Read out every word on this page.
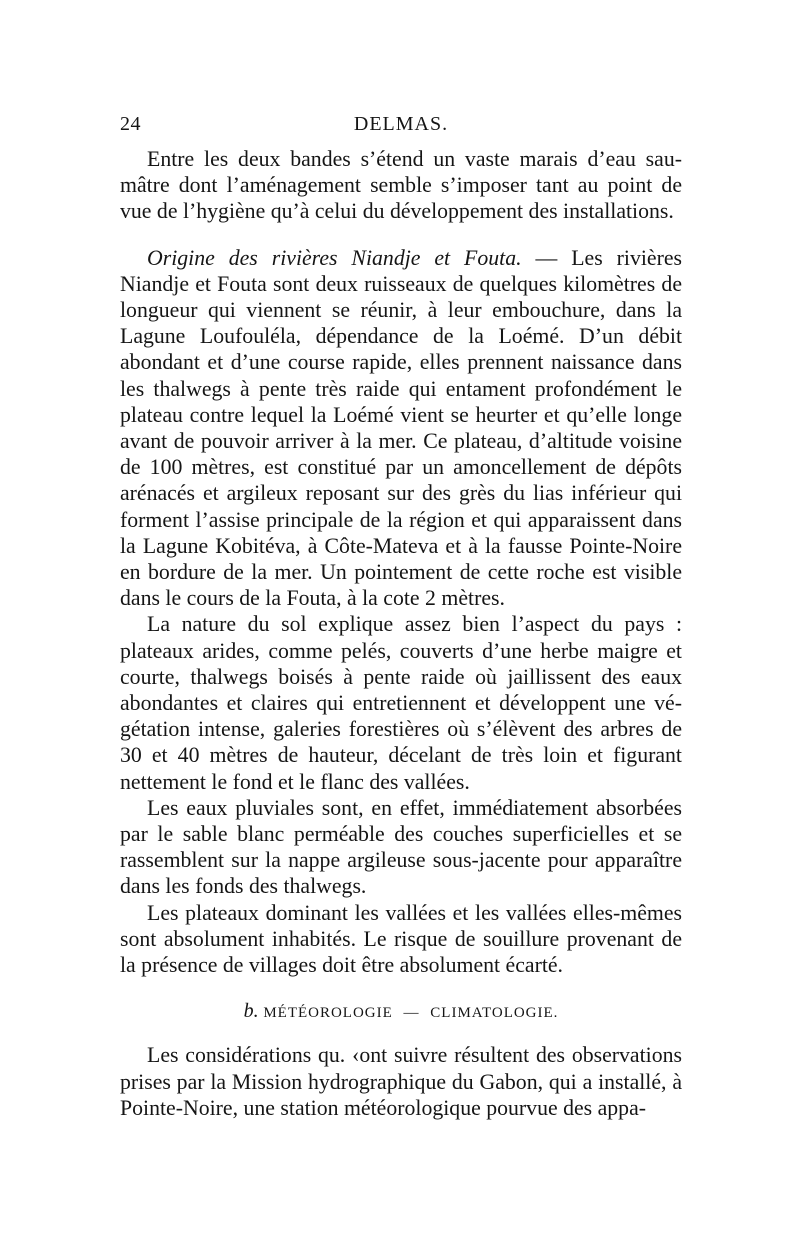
24	DELMAS.

Entre les deux bandes s’étend un vaste marais d’eau saumâtre dont l’aménagement semble s’imposer tant au point de vue de l’hygiène qu’à celui du développement des installations.

Origine des rivières Niandje et Fouta. — Les rivières Niandje et Fouta sont deux ruisseaux de quelques kilomètres de longueur qui viennent se réunir, à leur embouchure, dans la Lagune Loufouléla, dépendance de la Loémé. D’un débit abondant et d’une course rapide, elles prennent naissance dans les thalwegs à pente très raide qui entament profondément le plateau contre lequel la Loémé vient se heurter et qu’elle longe avant de pouvoir arriver à la mer. Ce plateau, d’altitude voisine de 100 mètres, est constitué par un amoncellement de dépôts arénacés et argileux reposant sur des grès du lias inférieur qui forment l’assise principale de la région et qui apparaissent dans la Lagune Kobitéva, à Côte-Mateva et à la fausse Pointe-Noire en bordure de la mer. Un pointement de cette roche est visible dans le cours de la Fouta, à la cote 2 mètres.

La nature du sol explique assez bien l’aspect du pays : plateaux arides, comme pelés, couverts d’une herbe maigre et courte, thalwegs boisés à pente raide où jaillissent des eaux abondantes et claires qui entretiennent et développent une végétation intense, galeries forestières où s’élèvent des arbres de 30 et 40 mètres de hauteur, décelant de très loin et figurant nettement le fond et le flanc des vallées.

Les eaux pluviales sont, en effet, immédiatement absorbées par le sable blanc perméable des couches superficielles et se rassemblent sur la nappe argileuse sous-jacente pour apparaître dans les fonds des thalwegs.

Les plateaux dominant les vallées et les vallées elles-mêmes sont absolument inhabités. Le risque de souillure provenant de la présence de villages doit être absolument écarté.

b. MÉTÉOROLOGIE — CLIMATOLOGIE.

Les considérations qu. ‹ont suivre résultent des observations prises par la Mission hydrographique du Gabon, qui a installé, à Pointe-Noire, une station météorologique pourvue des appa-
